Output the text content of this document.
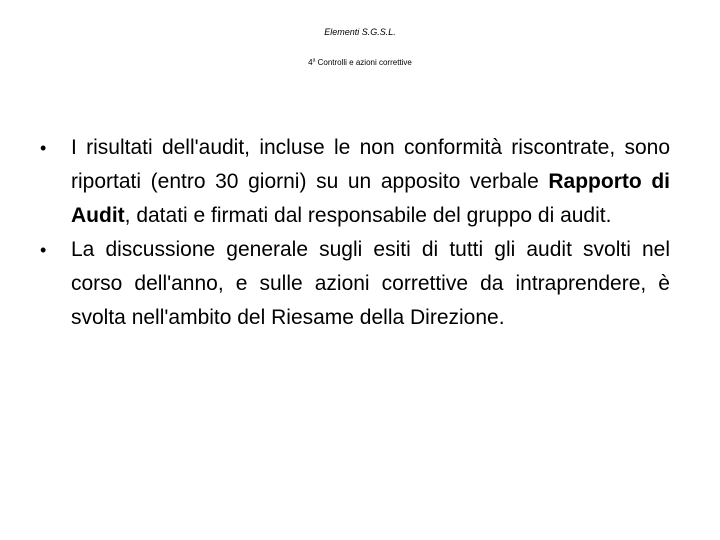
Elementi S.G.S.L.
4$^a$ Controlli e azioni correttive
•	I risultati dell'audit, incluse le non conformità riscontrate, sono riportati (entro 30 giorni) su un apposito verbale Rapporto di Audit, datati e firmati dal responsabile del gruppo di audit.
•	La discussione generale sugli esiti di tutti gli audit svolti nel corso dell'anno, e sulle azioni correttive da intraprendere, è svolta nell'ambito del Riesame della Direzione.
